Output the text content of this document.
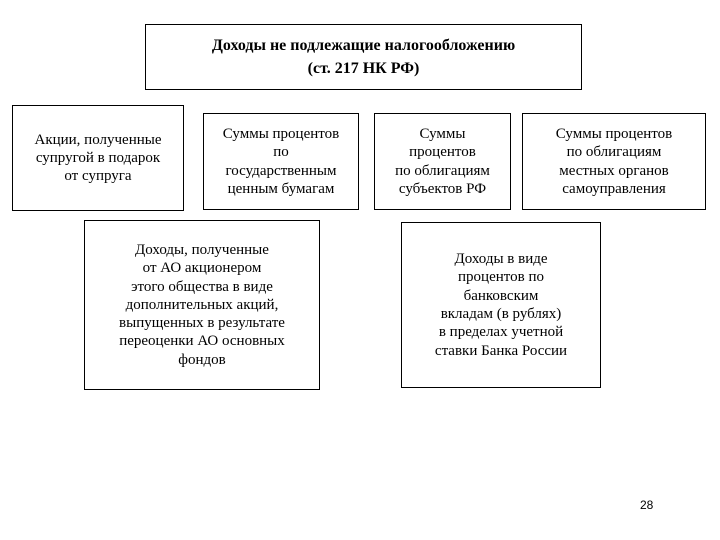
Доходы не подлежащие налогообложению
(ст. 217 НК РФ)
Акции, полученные
супругой в подарок
от супруга
Суммы процентов
по
государственным
ценным бумагам
Суммы
процентов
по облигациям
субъектов РФ
Суммы процентов
по облигациям
местных органов
самоуправления
Доходы, полученные
от АО акционером
этого общества в виде
дополнительных акций,
выпущенных в результате
переоценки АО основных
фондов
Доходы в виде
процентов по
банковским
вкладам (в рублях)
в пределах учетной
ставки Банка России
28
